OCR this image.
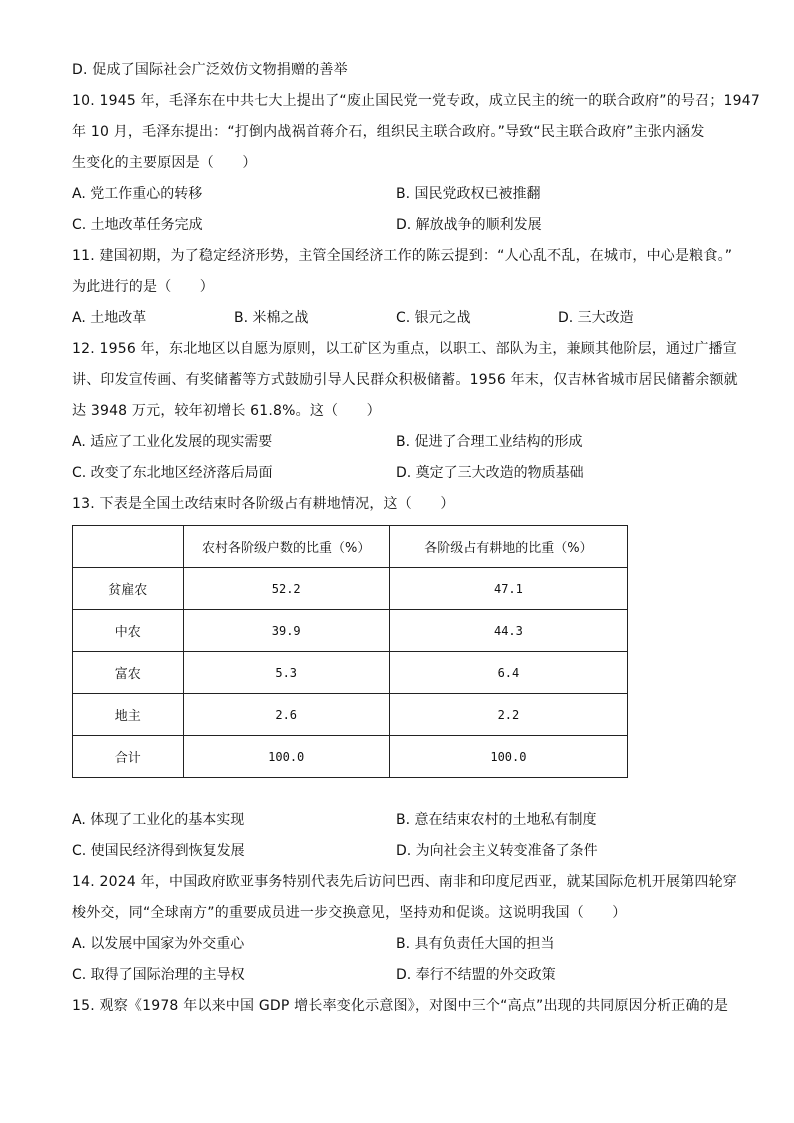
D. 促成了国际社会广泛效仿文物捐赠的善举
10. 1945 年，毛泽东在中共七大上提出了“废止国民党一党专政，成立民主的统一的联合政府”的号召；1947
年 10 月，毛泽东提出：“打倒内战祸首蒋介石，组织民主联合政府。”导致“民主联合政府”主张内涵发
生变化的主要原因是（　　）
A. 党工作重心的转移	B. 国民党政权已被推翻
C. 土地改革任务完成	D. 解放战争的顺利发展
11. 建国初期，为了稳定经济形势，主管全国经济工作的陈云提到：“人心乱不乱，在城市，中心是粮食。”
为此进行的是（　　）
A. 土地改革	B. 米棉之战	C. 银元之战	D. 三大改造
12. 1956 年，东北地区以自愿为原则，以工矿区为重点，以职工、部队为主，兼顾其他阶层，通过广播宣
讲、印发宣传画、有奖储蓄等方式鼓励引导人民群众积极储蓄。1956 年末，仅吉林省城市居民储蓄余额就
达 3948 万元，较年初增长 61.8%。这（　　）
A. 适应了工业化发展的现实需要	B. 促进了合理工业结构的形成
C. 改变了东北地区经济落后局面	D. 奠定了三大改造的物质基础
13. 下表是全国土改结束时各阶级占有耕地情况，这（　　）
	农村各阶级户数的比重（%）	各阶级占有耕地的比重（%）
贫雇农	52.2	47.1
中农	39.9	44.3
富农	5.3	6.4
地主	2.6	2.2
合计	100.0	100.0
A. 体现了工业化的基本实现	B. 意在结束农村的土地私有制度
C. 使国民经济得到恢复发展	D. 为向社会主义转变准备了条件
14. 2024 年，中国政府欧亚事务特别代表先后访问巴西、南非和印度尼西亚，就某国际危机开展第四轮穿
梭外交，同“全球南方”的重要成员进一步交换意见，坚持劝和促谈。这说明我国（　　）
A. 以发展中国家为外交重心	B. 具有负责任大国的担当
C. 取得了国际治理的主导权	D. 奉行不结盟的外交政策
15. 观察《1978 年以来中国 GDP 增长率变化示意图》，对图中三个“高点”出现的共同原因分析正确的是
